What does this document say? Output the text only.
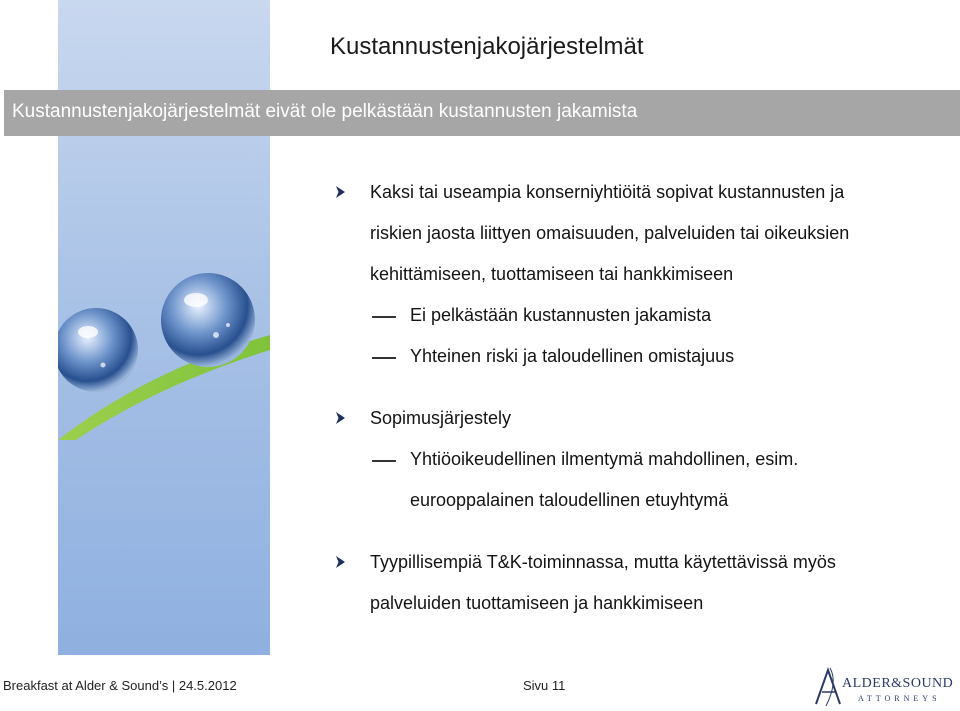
Kustannustenjakojärjestelmät
Kustannustenjakojärjestelmät eivät ole pelkästään kustannusten jakamista
Kaksi tai useampia konserniyhtiöitä sopivat kustannusten ja
riskien jaosta liittyen omaisuuden, palveluiden tai oikeuksien
kehittämiseen, tuottamiseen tai hankkimiseen
Ei pelkästään kustannusten jakamista
Yhteinen riski ja taloudellinen omistajuus
Sopimusjärjestely
Yhtiöoikeudellinen ilmentymä mahdollinen, esim.
eurooppalainen taloudellinen etuyhtymä
Tyypillisempiä T&K-toiminnassa, mutta käytettävissä myös
palveluiden tuottamiseen ja hankkimiseen
Breakfast at Alder & Sound’s | 24.5.2012	Sivu 11	ALDER&SOUND
ATTORNEYS
